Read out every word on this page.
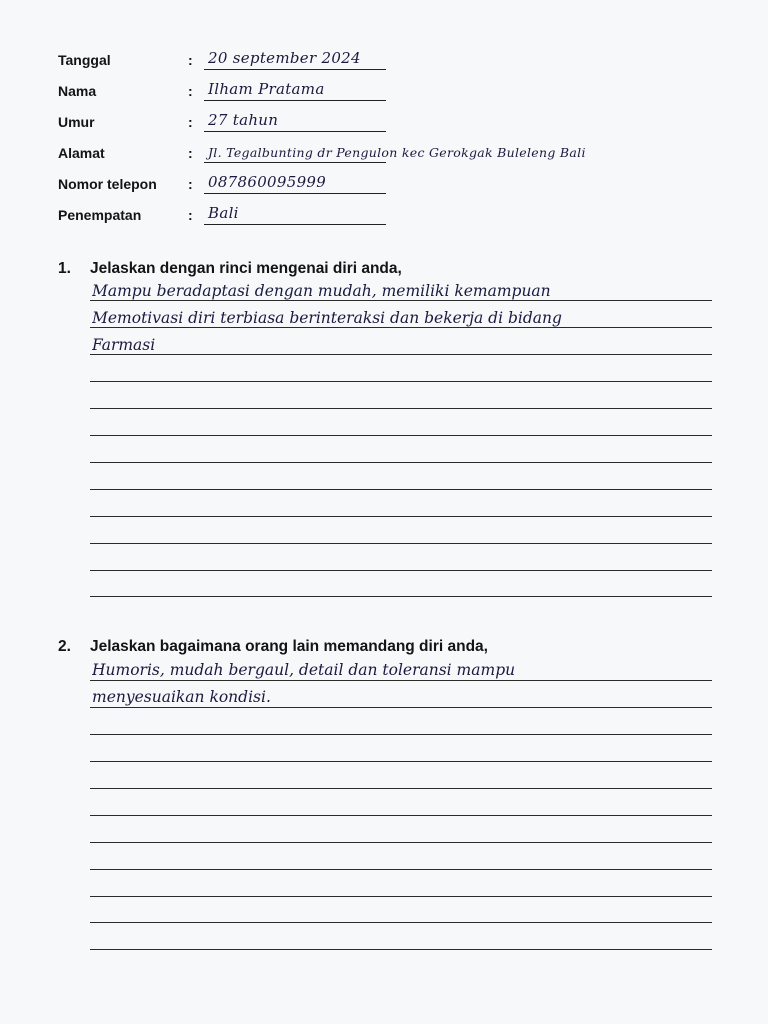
Tanggal	: 20 september 2024
Nama	: Ilham Pratama
Umur	: 27 tahun
Alamat	: Jl. Tegalbunting dr Pengulon kec Gerokgak Buleleng Bali
Nomor telepon : 087860095999
Penempatan	: Bali
1. Jelaskan dengan rinci mengenai diri anda,
Mampu beradaptasi dengan mudah, memiliki kemampuan
Memotivasi diri terbiasa berinteraksi dan bekerja di bidang
Farmasi
2. Jelaskan bagaimana orang lain memandang diri anda,
Humoris, mudah bergaul, detail dan toleransi mampu
menyesuaikan kondisi.
